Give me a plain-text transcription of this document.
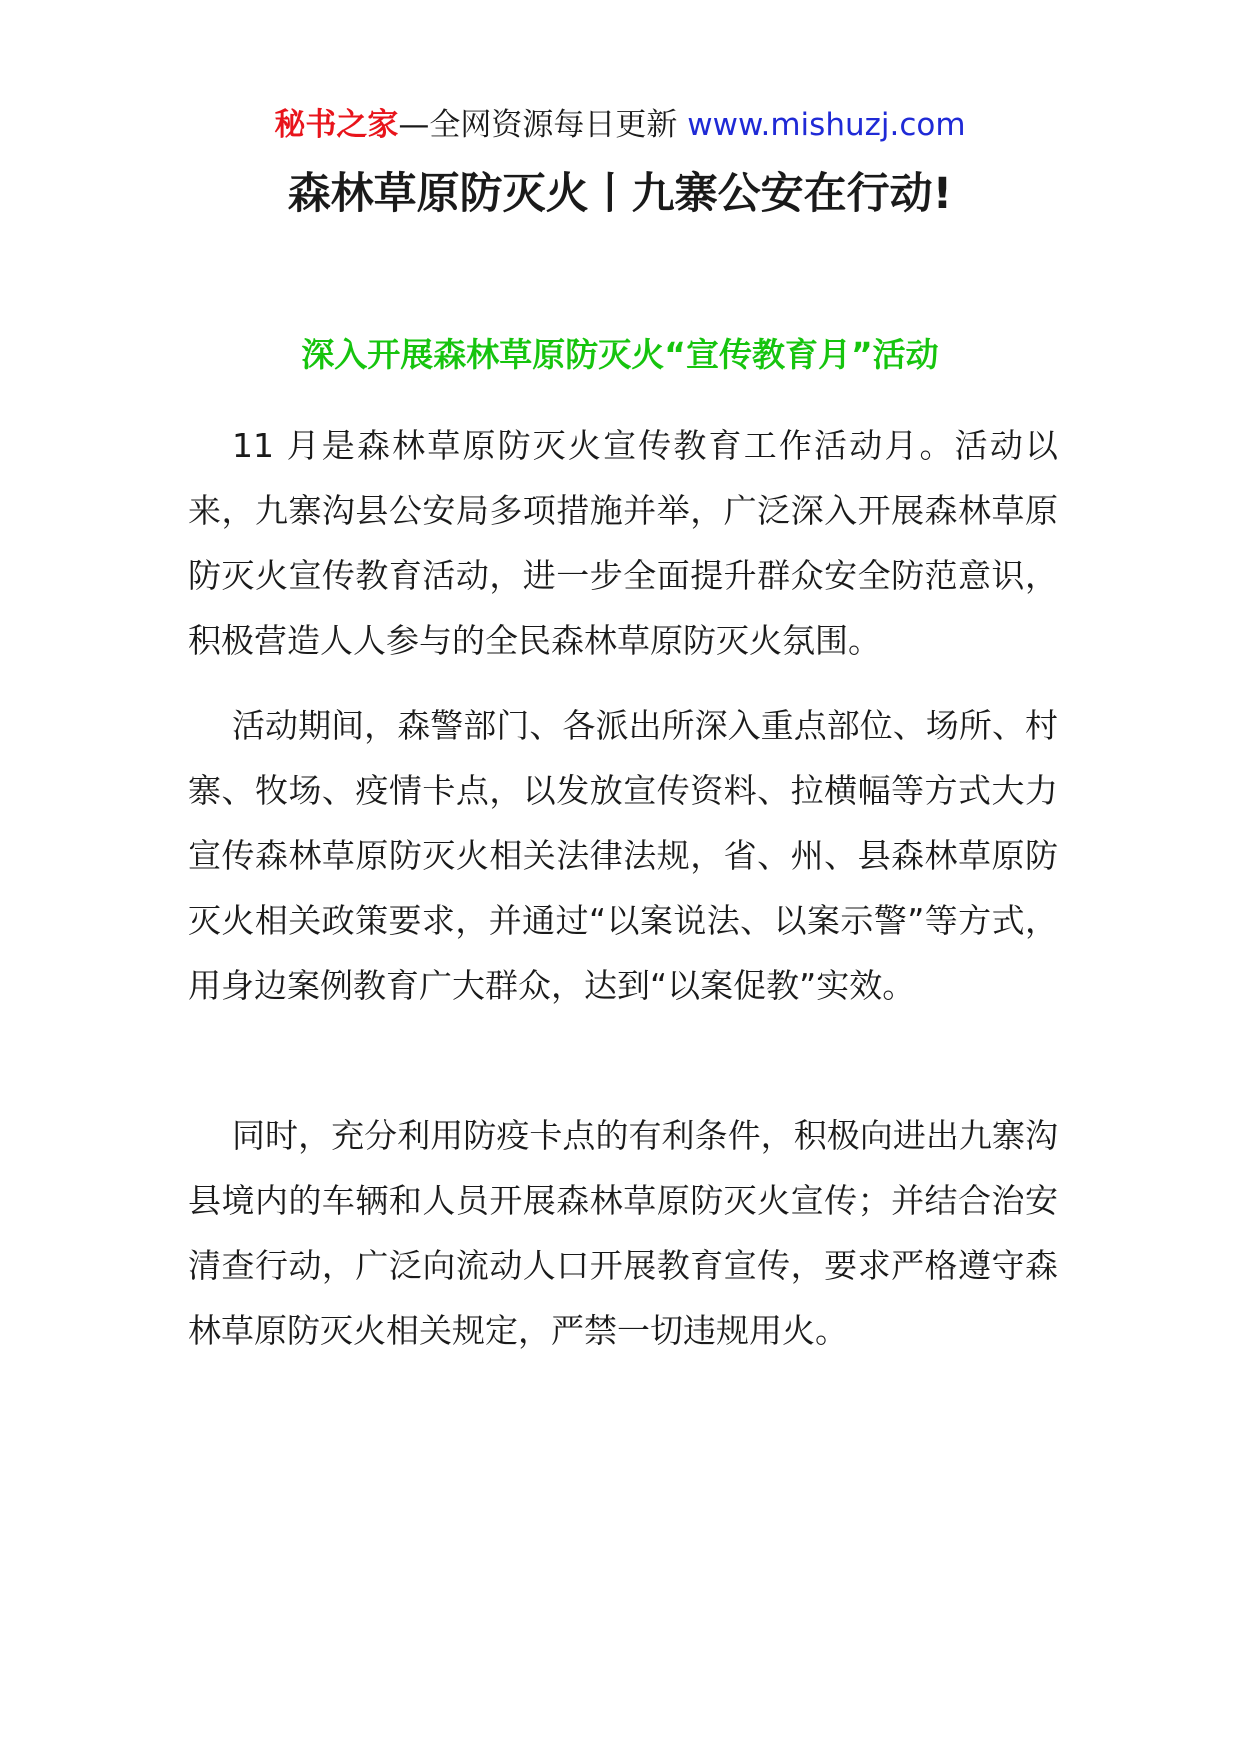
秘书之家—全网资源每日更新 www.mishuzj.com
森林草原防灭火丨九寨公安在行动!
深入开展森林草原防灭火“宣传教育月”活动

11 月是森林草原防灭火宣传教育工作活动月。活动以来，九寨沟县公安局多项措施并举，广泛深入开展森林草原防灭火宣传教育活动，进一步全面提升群众安全防范意识，积极营造人人参与的全民森林草原防灭火氛围。

活动期间，森警部门、各派出所深入重点部位、场所、村寨、牧场、疫情卡点，以发放宣传资料、拉横幅等方式大力宣传森林草原防灭火相关法律法规，省、州、县森林草原防灭火相关政策要求，并通过“以案说法、以案示警”等方式，用身边案例教育广大群众，达到“以案促教”实效。

同时，充分利用防疫卡点的有利条件，积极向进出九寨沟县境内的车辆和人员开展森林草原防灭火宣传；并结合治安清查行动，广泛向流动人口开展教育宣传，要求严格遵守森林草原防灭火相关规定，严禁一切违规用火。
